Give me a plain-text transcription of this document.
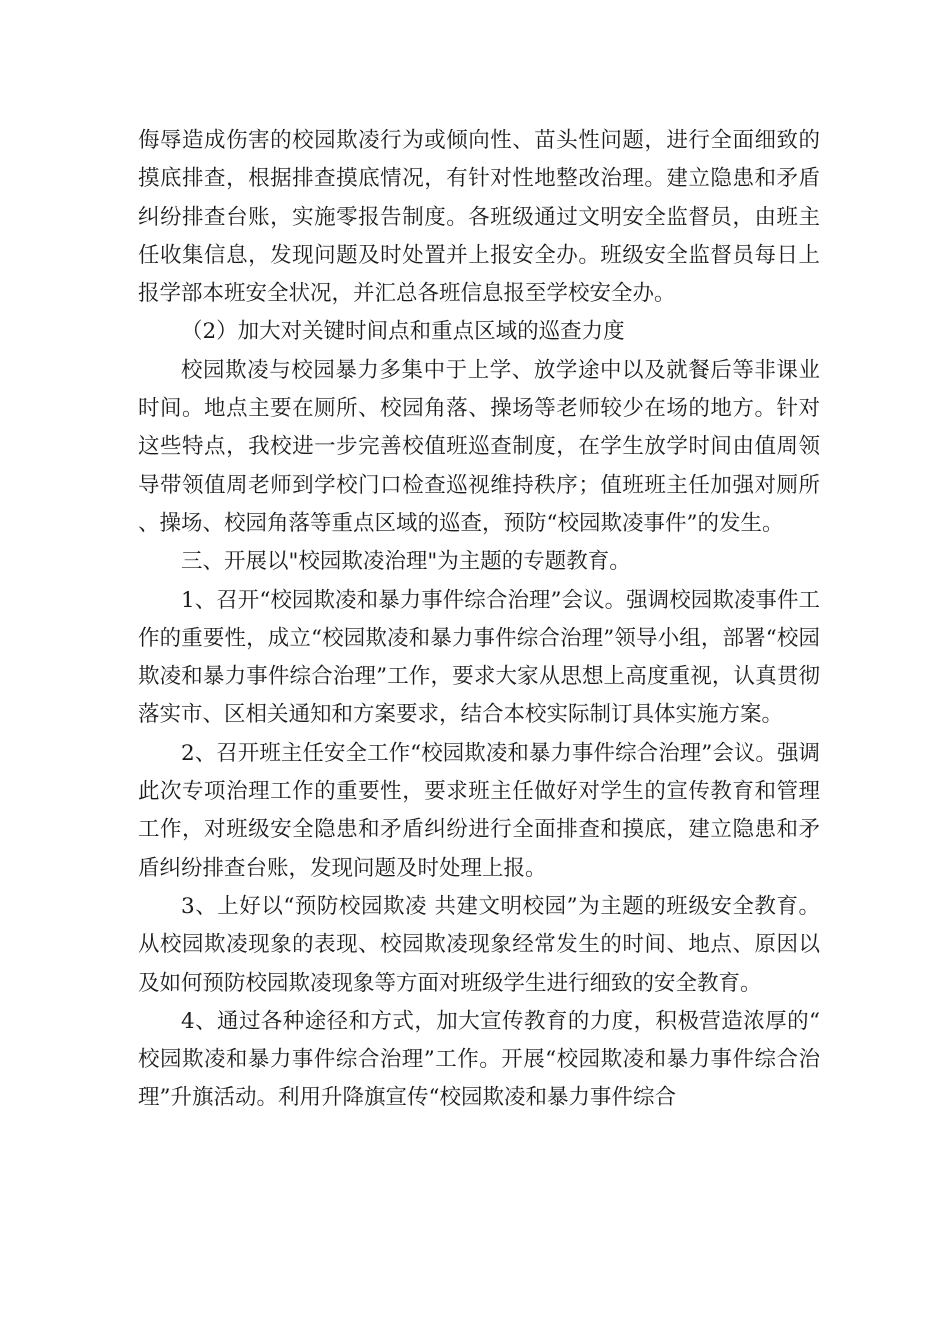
侮辱造成伤害的校园欺凌行为或倾向性、苗头性问题，进行全面细致的摸底排查，根据排查摸底情况，有针对性地整改治理。建立隐患和矛盾纠纷排查台账，实施零报告制度。各班级通过文明安全监督员，由班主任收集信息，发现问题及时处置并上报安全办。班级安全监督员每日上报学部本班安全状况，并汇总各班信息报至学校安全办。

（2）加大对关键时间点和重点区域的巡查力度

校园欺凌与校园暴力多集中于上学、放学途中以及就餐后等非课业时间。地点主要在厕所、校园角落、操场等老师较少在场的地方。针对这些特点，我校进一步完善校值班巡查制度，在学生放学时间由值周领导带领值周老师到学校门口检查巡视维持秩序；值班班主任加强对厕所、操场、校园角落等重点区域的巡查，预防“校园欺凌事件”的发生。

三、开展以"校园欺凌治理"为主题的专题教育。

1、召开“校园欺凌和暴力事件综合治理”会议。强调校园欺凌事件工作的重要性，成立“校园欺凌和暴力事件综合治理”领导小组，部署“校园欺凌和暴力事件综合治理”工作，要求大家从思想上高度重视，认真贯彻落实市、区相关通知和方案要求，结合本校实际制订具体实施方案。

2、召开班主任安全工作“校园欺凌和暴力事件综合治理”会议。强调此次专项治理工作的重要性，要求班主任做好对学生的宣传教育和管理工作，对班级安全隐患和矛盾纠纷进行全面排查和摸底，建立隐患和矛盾纠纷排查台账，发现问题及时处理上报。

3、上好以“预防校园欺凌 共建文明校园”为主题的班级安全教育。从校园欺凌现象的表现、校园欺凌现象经常发生的时间、地点、原因以及如何预防校园欺凌现象等方面对班级学生进行细致的安全教育。

4、通过各种途径和方式，加大宣传教育的力度，积极营造浓厚的“校园欺凌和暴力事件综合治理”工作。开展“校园欺凌和暴力事件综合治理”升旗活动。利用升降旗宣传“校园欺凌和暴力事件综合
